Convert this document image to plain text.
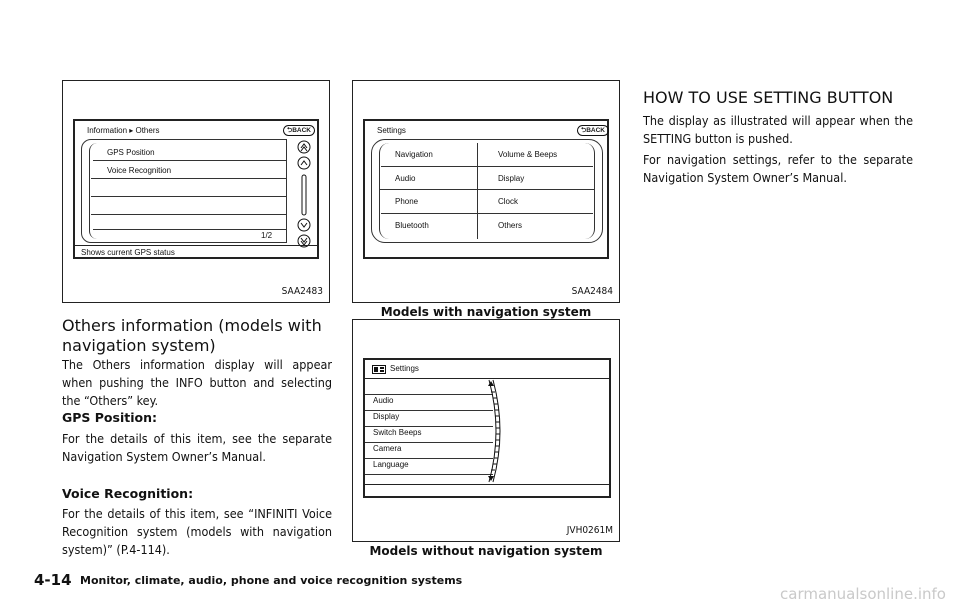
Information ▸ Others	⮌BACK
GPS Position
Voice Recognition
1/2
Shows current GPS status
SAA2483
Settings	⮌BACK
Navigation
Audio
Phone
Bluetooth
Volume & Beeps
Display
Clock
Others
SAA2484
Models with navigation system
Settings
Audio
Display
Switch Beeps
Camera
Language
JVH0261M
Models without navigation system
Others information (models with navigation system)
The Others information display will appear when pushing the INFO button and selecting the “Others” key.
GPS Position:
For the details of this item, see the separate Navigation System Owner’s Manual.
Voice Recognition:
For the details of this item, see “INFINITI Voice Recognition system (models with navigation system)” (P.4-114).
HOW TO USE SETTING BUTTON
The display as illustrated will appear when the SETTING button is pushed.
For navigation settings, refer to the separate Navigation System Owner’s Manual.
4-14 Monitor, climate, audio, phone and voice recognition systems
carmanualsonline.info
